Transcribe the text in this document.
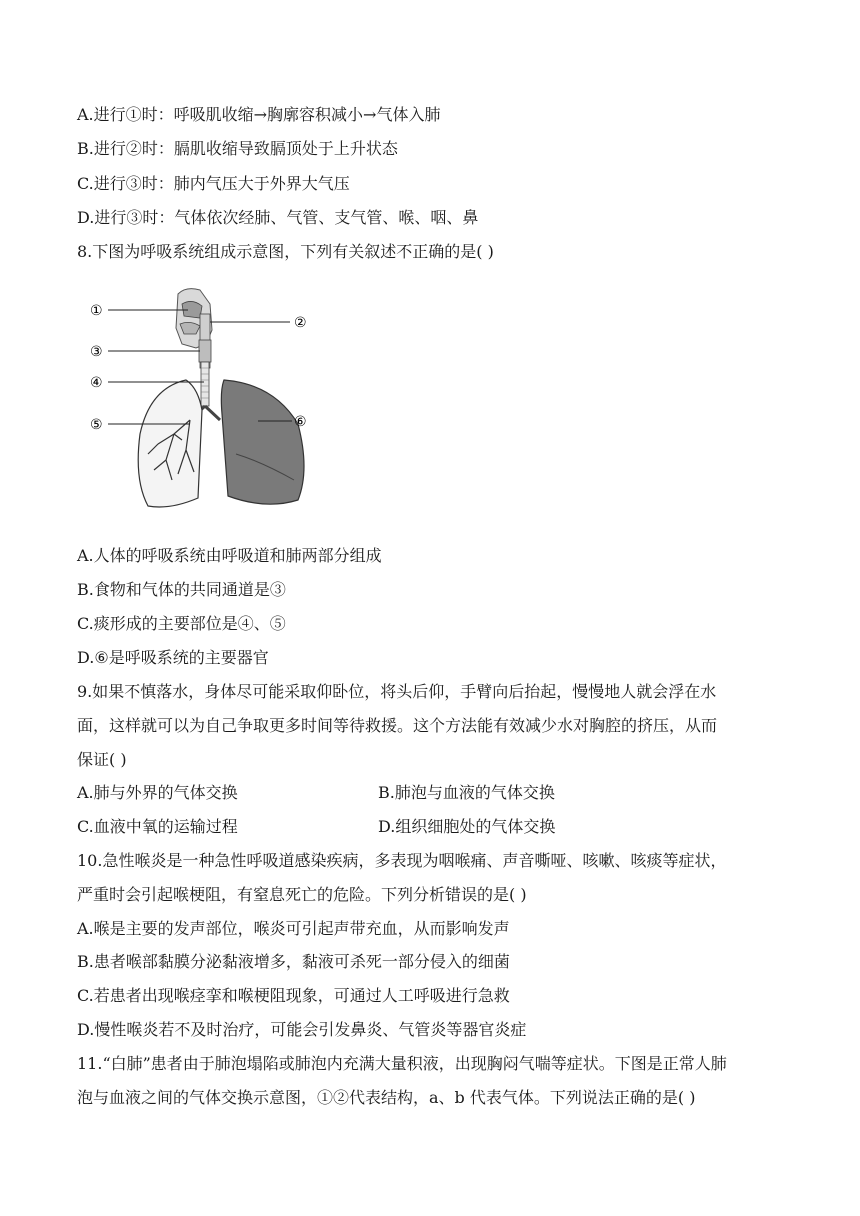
A.进行①时：呼吸肌收缩→胸廓容积减小→气体入肺
B.进行②时：膈肌收缩导致膈顶处于上升状态
C.进行③时：肺内气压大于外界大气压
D.进行③时：气体依次经肺、气管、支气管、喉、咽、鼻
8.下图为呼吸系统组成示意图，下列有关叙述不正确的是( )
①
②
③
④
⑤	⑥
A.人体的呼吸系统由呼吸道和肺两部分组成
B.食物和气体的共同通道是③
C.痰形成的主要部位是④、⑤
D.⑥是呼吸系统的主要器官
9.如果不慎落水，身体尽可能采取仰卧位，将头后仰，手臂向后抬起，慢慢地人就会浮在水
面，这样就可以为自己争取更多时间等待救援。这个方法能有效减少水对胸腔的挤压，从而
保证( )
A.肺与外界的气体交换	B.肺泡与血液的气体交换
C.血液中氧的运输过程	D.组织细胞处的气体交换
10.急性喉炎是一种急性呼吸道感染疾病，多表现为咽喉痛、声音嘶哑、咳嗽、咳痰等症状，
严重时会引起喉梗阻，有窒息死亡的危险。下列分析错误的是( )
A.喉是主要的发声部位，喉炎可引起声带充血，从而影响发声
B.患者喉部黏膜分泌黏液增多，黏液可杀死一部分侵入的细菌
C.若患者出现喉痉挛和喉梗阻现象，可通过人工呼吸进行急救
D.慢性喉炎若不及时治疗，可能会引发鼻炎、气管炎等器官炎症
11.“白肺”患者由于肺泡塌陷或肺泡内充满大量积液，出现胸闷气喘等症状。下图是正常人肺
泡与血液之间的气体交换示意图，①②代表结构，a、b 代表气体。下列说法正确的是( )
